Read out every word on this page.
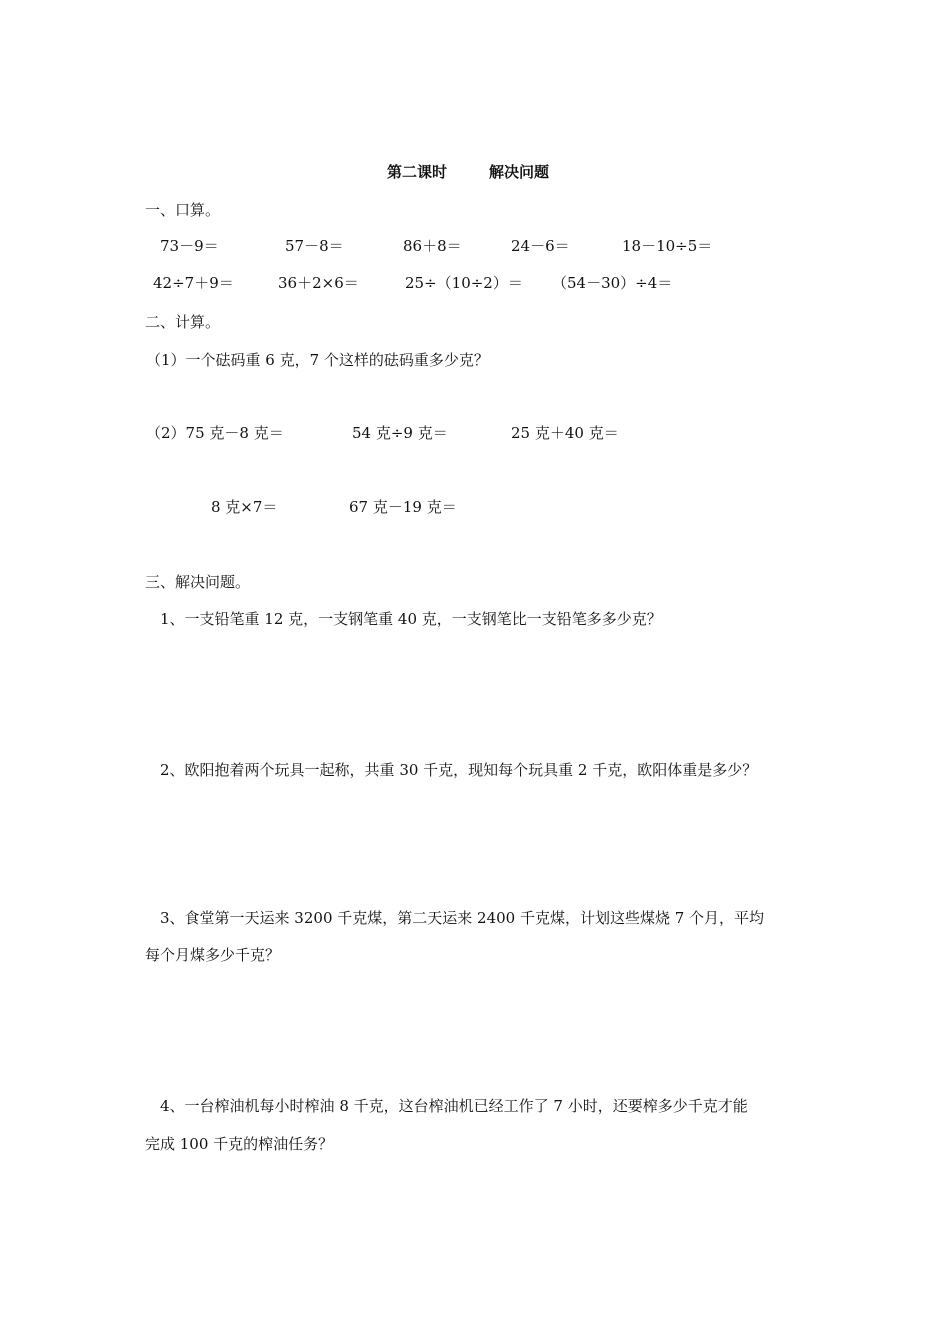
第二课时	解决问题
一、口算。
73－9＝	57－8＝	86＋8＝	24－6＝	18－10÷5＝
42÷7＋9＝	36＋2×6＝	25÷（10÷2）＝ （54－30）÷4＝
二、计算。
（1）一个砝码重 6 克，7 个这样的砝码重多少克？
（2）75 克－8 克＝	54 克÷9 克＝	25 克＋40 克＝
8 克×7＝	67 克－19 克＝
三、解决问题。
1、一支铅笔重 12 克，一支钢笔重 40 克，一支钢笔比一支铅笔多多少克？
2、欧阳抱着两个玩具一起称，共重 30 千克，现知每个玩具重 2 千克，欧阳体重是多少？
3、食堂第一天运来 3200 千克煤，第二天运来 2400 千克煤，计划这些煤烧 7 个月，平均
每个月煤多少千克？
4、一台榨油机每小时榨油 8 千克，这台榨油机已经工作了 7 小时，还要榨多少千克才能
完成 100 千克的榨油任务？
